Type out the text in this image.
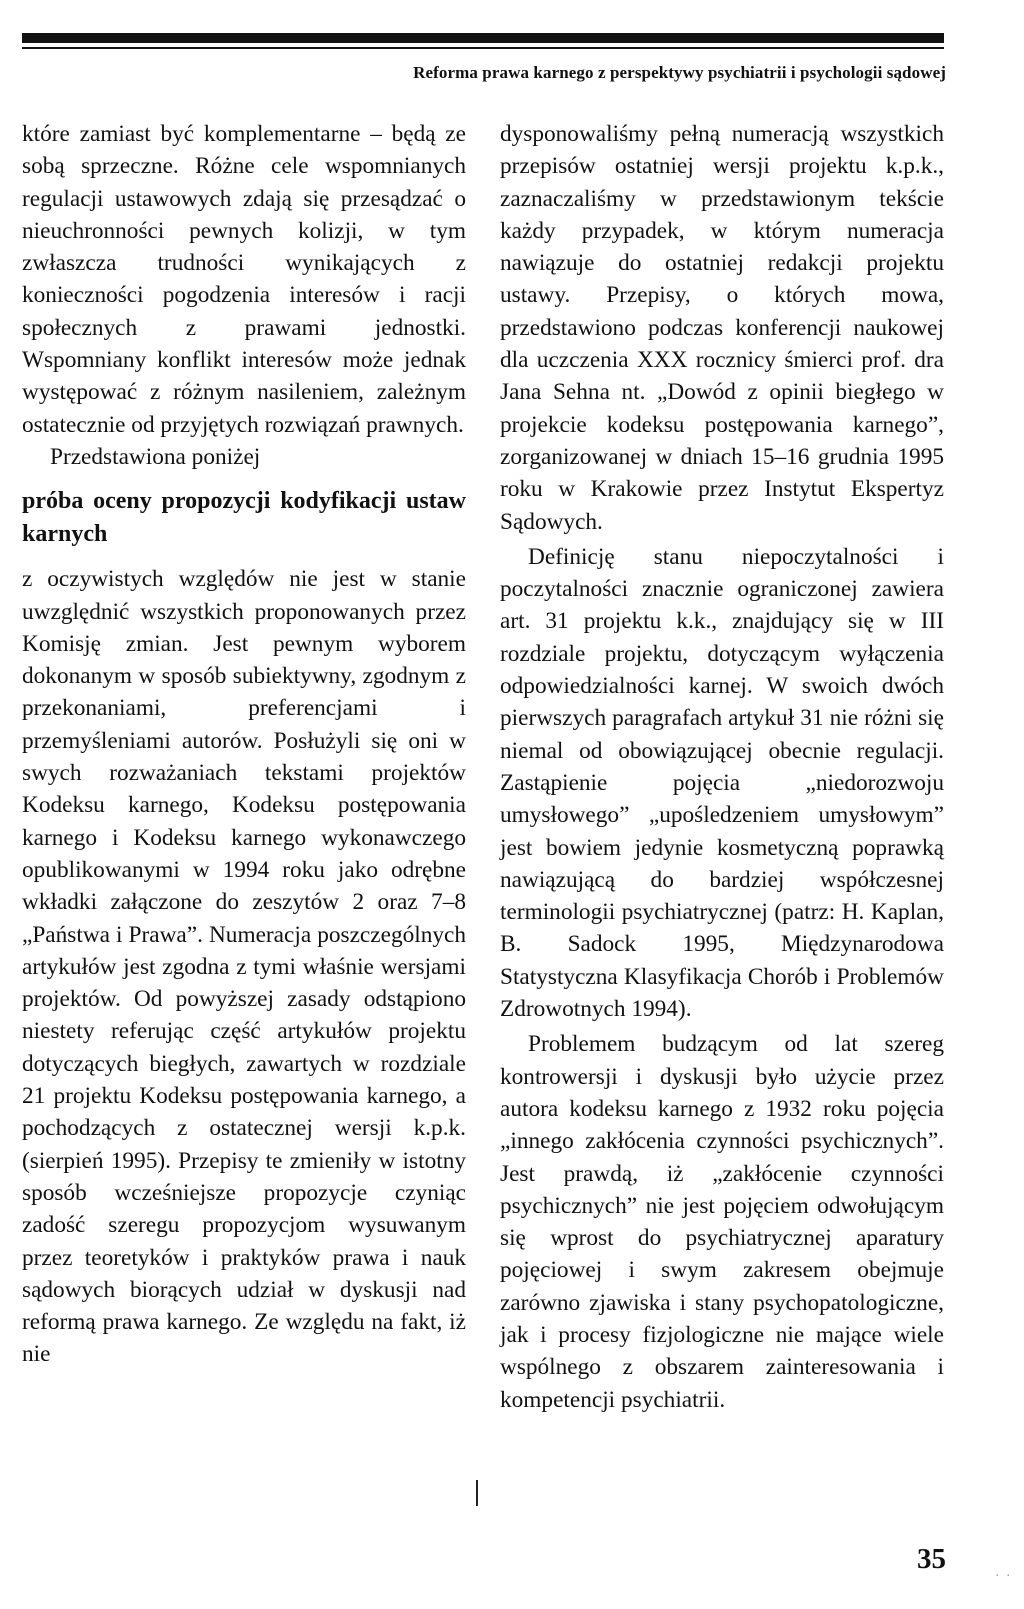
Reforma prawa karnego z perspektywy psychiatrii i psychologii sądowej

które zamiast być komplementarne – będą ze sobą sprzeczne. Różne cele wspomnianych regulacji ustawowych zdają się przesądzać o nieuchronności pewnych kolizji, w tym zwłaszcza trudności wynikających z konieczności pogodzenia interesów i racji społecznych z prawami jednostki. Wspomniany konflikt interesów może jednak występować z różnym nasileniem, zależnym ostatecznie od przyjętych rozwiązań prawnych.

Przedstawiona poniżej

próba oceny propozycji kodyfikacji ustaw karnych

z oczywistych względów nie jest w stanie uwzględnić wszystkich proponowanych przez Komisję zmian. Jest pewnym wyborem dokonanym w sposób subiektywny, zgodnym z przekonaniami, preferencjami i przemyśleniami autorów. Posłużyli się oni w swych rozważaniach tekstami projektów Kodeksu karnego, Kodeksu postępowania karnego i Kodeksu karnego wykonawczego opublikowanymi w 1994 roku jako odrębne wkładki załączone do zeszytów 2 oraz 7–8 „Państwa i Prawa”. Numeracja poszczególnych artykułów jest zgodna z tymi właśnie wersjami projektów. Od powyższej zasady odstąpiono niestety referując część artykułów projektu dotyczących biegłych, zawartych w rozdziale 21 projektu Kodeksu postępowania karnego, a pochodzących z ostatecznej wersji k.p.k. (sierpień 1995). Przepisy te zmieniły w istotny sposób wcześniejsze propozycje czyniąc zadość szeregu propozycjom wysuwanym przez teoretyków i praktyków prawa i nauk sądowych biorących udział w dyskusji nad reformą prawa karnego. Ze względu na fakt, iż nie

dysponowaliśmy pełną numeracją wszystkich przepisów ostatniej wersji projektu k.p.k., zaznaczaliśmy w przedstawionym tekście każdy przypadek, w którym numeracja nawiązuje do ostatniej redakcji projektu ustawy. Przepisy, o których mowa, przedstawiono podczas konferencji naukowej dla uczczenia XXX rocznicy śmierci prof. dra Jana Sehna nt. „Dowód z opinii biegłego w projekcie kodeksu postępowania karnego”, zorganizowanej w dniach 15–16 grudnia 1995 roku w Krakowie przez Instytut Ekspertyz Sądowych.

Definicję stanu niepoczytalności i poczytalności znacznie ograniczonej zawiera art. 31 projektu k.k., znajdujący się w III rozdziale projektu, dotyczącym wyłączenia odpowiedzialności karnej. W swoich dwóch pierwszych paragrafach artykuł 31 nie różni się niemal od obowiązującej obecnie regulacji. Zastąpienie pojęcia „niedorozwoju umysłowego” „upośledzeniem umysłowym” jest bowiem jedynie kosmetyczną poprawką nawiązującą do bardziej współczesnej terminologii psychiatrycznej (patrz: H. Kaplan, B. Sadock 1995, Międzynarodowa Statystyczna Klasyfikacja Chorób i Problemów Zdrowotnych 1994).

Problemem budzącym od lat szereg kontrowersji i dyskusji było użycie przez autora kodeksu karnego z 1932 roku pojęcia „innego zakłócenia czynności psychicznych”. Jest prawdą, iż „zakłócenie czynności psychicznych” nie jest pojęciem odwołującym się wprost do psychiatrycznej aparatury pojęciowej i swym zakresem obejmuje zarówno zjawiska i stany psychopatologiczne, jak i procesy fizjologiczne nie mające wiele wspólnego z obszarem zainteresowania i kompetencji psychiatrii.

35	. .
